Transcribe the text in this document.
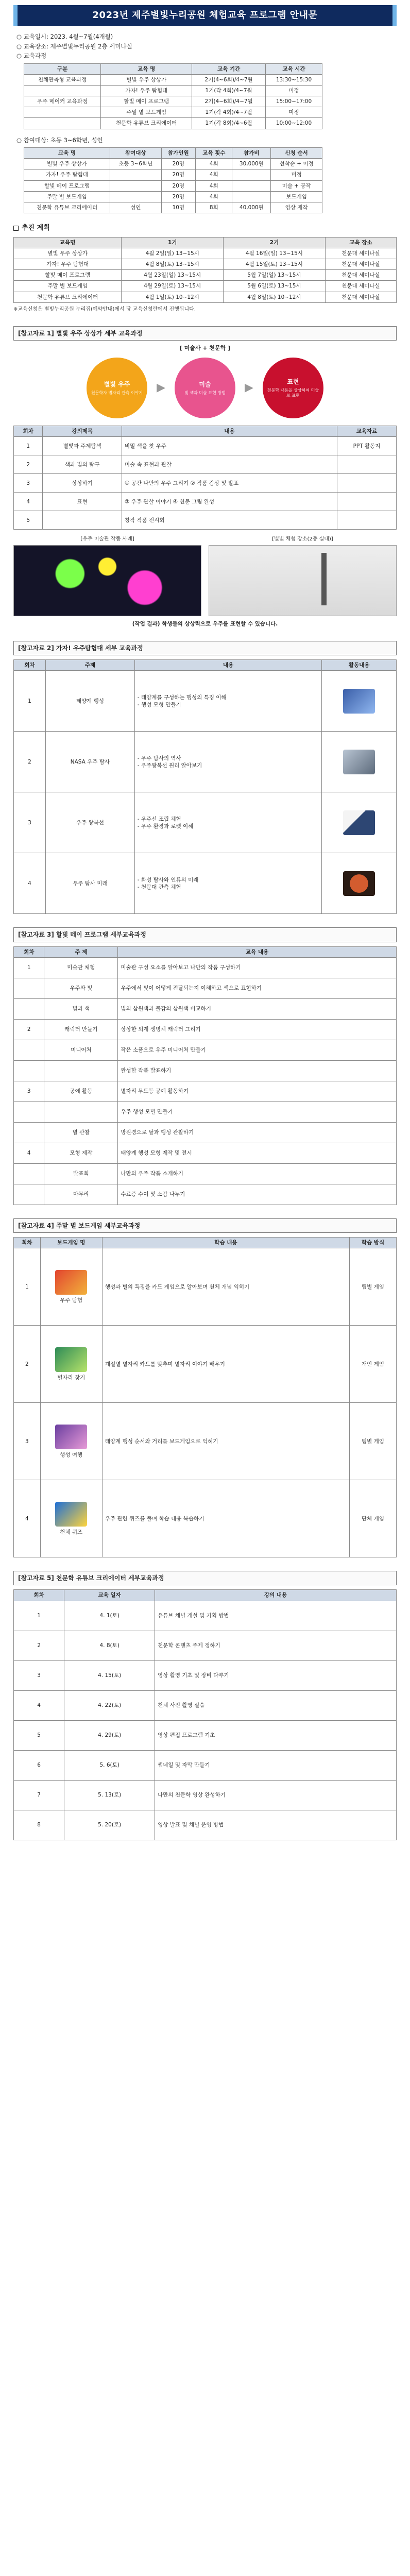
2023년 제주별빛누리공원 체험교육 프로그램 안내문
○ 교육일시: 2023. 4월~7월(4개월)
○ 교육장소: 제주별빛누리공원 2층 세미나실
○ 교육과정
구분	교육 명	교육 기간	교육 시간
천체관측형 교육과정	별빛 우주 상상가	2기(4~6회)/4~7월	13:30~15:30
	가자! 우주 탐험대	1기(각 4회)/4~7월	미정
우주 메이커 교육과정	할빛 메이 프로그램	2기(4~6회)/4~7월	15:00~17:00
	주말 별 보드게임	1기(각 4회)/4~7월	미정
	천문학 유튜브 크리에이터	1기(각 8회)/4~6월	10:00~12:00
○ 참여대상: 초등 3~6학년, 성인
교육 명	참여대상	참가인원	교육 횟수	참가비	신청 순서
별빛 우주 상상가	초등 3~6학년	20명	4회	30,000원	선착순 + 미정
가자! 우주 탐험대		20명	4회		미정
할빛 메이 프로그램		20명	4회		미술 + 공작
주말 별 보드게임		20명	4회		보드게임
천문학 유튜브 크리에이터	성인	10명	8회	40,000원	영상 제작
추진 계획
교육명	1기	2기	교육 장소
별빛 우주 상상가	4월 2일(일) 13~15시	4월 16일(일) 13~15시	천문대 세미나실
가자! 우주 탐험대	4월 8일(토) 13~15시	4월 15일(토) 13~15시	천문대 세미나실
할빛 메이 프로그램	4월 23일(일) 13~15시	5월 7일(일) 13~15시	천문대 세미나실
주말 별 보드게임	4월 29일(토) 13~15시	5월 6일(토) 13~15시	천문대 세미나실
천문학 유튜브 크리에이터	4월 1일(토) 10~12시	4월 8일(토) 10~12시	천문대 세미나실
※교육신청은 별빛누리공원 누리집(예약안내)에서 당 교육신청란에서 진행됩니다.
[참고자료 1] 별빛 우주 상상가 세부 교육과정
[ 미술사 + 천문학 ]
별빛 우주
천문학자 별자리 관측 이야기 ▶	미술
빛 색과 미술 표현 방법 ▶	표현
천문학 내용을 상상하여 미술로 표현
회차	강의제목	내용	교육자료
1	별빛과 주제탐색	비밀 색을 찾 우주	PPT 활동지
2	색과 빛의 탐구	미술 속 표현과 관찰	
3	상상하기	① 공간 나만의 우주 그리기 ② 작품 감상 및 발표	
4	표현	③ 우주 관찰 이야기 ④ 천문 그림 완성	
5		창작 작품 전시회	
[우주 미술관 작품 사례]	[별빛 체험 장소(2층 실내)]
(작업 결과) 학생들의 상상력으로 우주를 표현할 수 있습니다.
[참고자료 2] 가자! 우주탐험대 세부 교육과정
회차	주제	내용	활동내용
1	태양계 행성	- 태양계를 구성하는 행성의 특징 이해
- 행성 모형 만들기	

2	NASA 우주 탐사	- 우주 탐사의 역사
- 우주왕복선 원리 알아보기	

3	우주 왕복선	- 우주선 조립 체험
- 우주 환경과 로켓 이해	

4	우주 탐사 미래	- 화성 탐사와 인류의 미래
- 천문대 관측 체험	
[참고자료 3] 할빛 메이 프로그램 세부교육과정
회차	주 제	교육 내용
1	미술관 체험	미술관 구성 요소를 알아보고 나만의 작품 구성하기
	우주와 빛	우주에서 빛이 어떻게 전달되는지 이해하고 색으로 표현하기
	빛과 색	빛의 삼원색과 물감의 삼원색 비교하기
2	캐릭터 만들기	상상한 외계 생명체 캐릭터 그리기
	미니어처	작은 소품으로 우주 미니어처 만들기
		완성한 작품 발표하기
3	공예 활동	별자리 무드등 공예 활동하기
		우주 행성 모빌 만들기
	별 관찰	망원경으로 달과 행성 관찰하기
4	모형 제작	태양계 행성 모형 제작 및 전시
	발표회	나만의 우주 작품 소개하기
	마무리	수료증 수여 및 소감 나누기
[참고자료 4] 주말 별 보드게임 세부교육과정
회차	보드게임 명	학습 내용	학습 방식
1	우주 탐험	행성과 별의 특징을 카드 게임으로 알아보며 천체 개념 익히기	팀별 게임
2	별자리 찾기	계절별 별자리 카드를 맞추며 별자리 이야기 배우기	개인 게임
3	행성 여행	태양계 행성 순서와 거리를 보드게임으로 익히기	팀별 게임
4	천체 퀴즈	우주 관련 퀴즈를 풀며 학습 내용 복습하기	단체 게임
[참고자료 5] 천문학 유튜브 크리에이터 세부교육과정
회차	교육 일자	강의 내용
1	4. 1(토)	유튜브 채널 개설 및 기획 방법
2	4. 8(토)	천문학 콘텐츠 주제 정하기
3	4. 15(토)	영상 촬영 기초 및 장비 다루기
4	4. 22(토)	천체 사진 촬영 실습
5	4. 29(토)	영상 편집 프로그램 기초
6	5. 6(토)	썸네일 및 자막 만들기
7	5. 13(토)	나만의 천문학 영상 완성하기
8	5. 20(토)	영상 발표 및 채널 운영 방법
